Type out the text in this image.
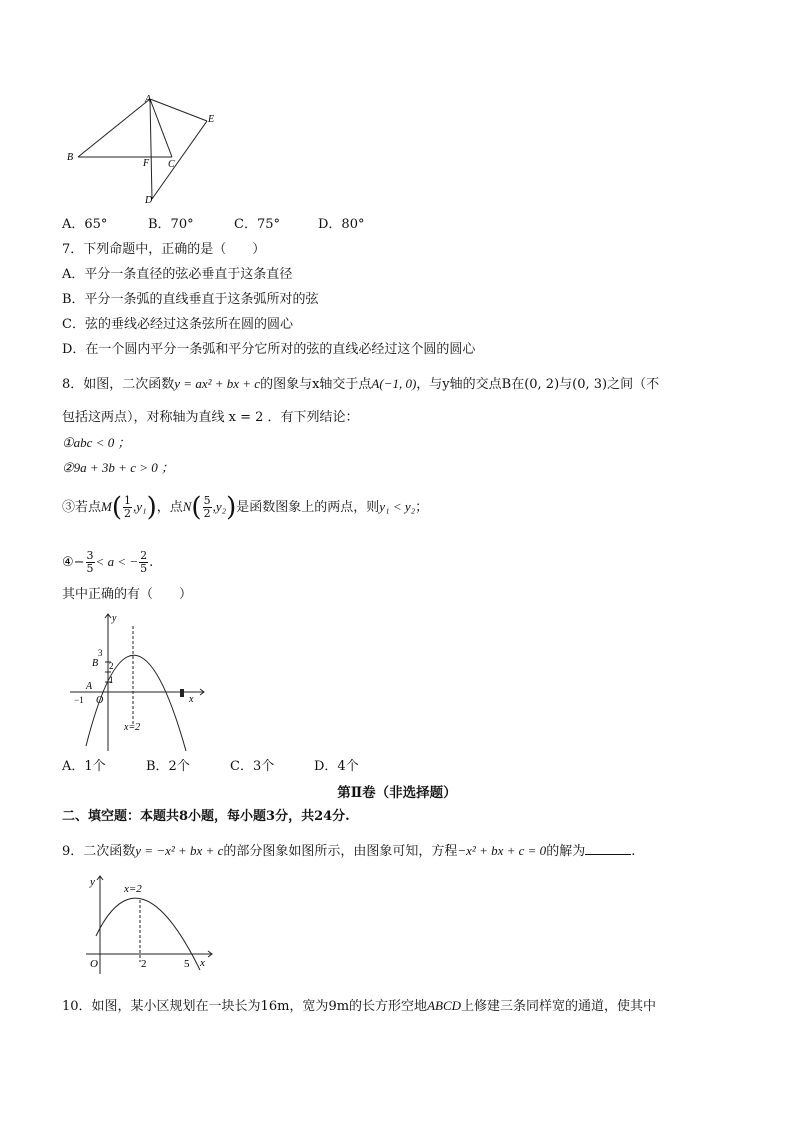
A
B
C
D
E
F
A．65°	B．70°	C．75°	D．80°
7．下列命题中，正确的是（　　）
A．平分一条直径的弦必垂直于这条直径
B．平分一条弧的直线垂直于这条弧所对的弦
C．弦的垂线必经过这条弦所在圆的圆心
D．在一个圆内平分一条弧和平分它所对的弦的直线必经过这个圆的圆心
8．如图，二次函数y = ax² + bx + c的图象与x轴交于点A(−1, 0)，与y轴的交点B在(0, 2)与(0, 3)之间（不
包括这两点），对称轴为直线 x = 2 ．有下列结论：
①abc < 0 ；
②9a + 3b + c > 0 ；
③若点$M( \frac{1}{2} ,y_1)$，点$N( \frac{5}{2} ,y_2)$是函数图象上的两点，则y₁ < y₂；
④− $\frac{3}{5} < a$ < − $\frac{2}{5}$ .
其中正确的有（　　）
y
x
O
A
B
3
2
1
−1
x=2
A．1个	B．2个	C．3个	D．4个
第Ⅱ卷（非选择题）
二、填空题：本题共8小题，每小题3分，共24分.
9．二次函数y = −x² + bx + c的部分图象如图所示，由图象可知，方程−x² + bx + c = 0的解为	.
y
x
O	2	5
x=2
10．如图，某小区规划在一块长为16m，宽为9m的长方形空地ABCD上修建三条同样宽的通道，使其中
